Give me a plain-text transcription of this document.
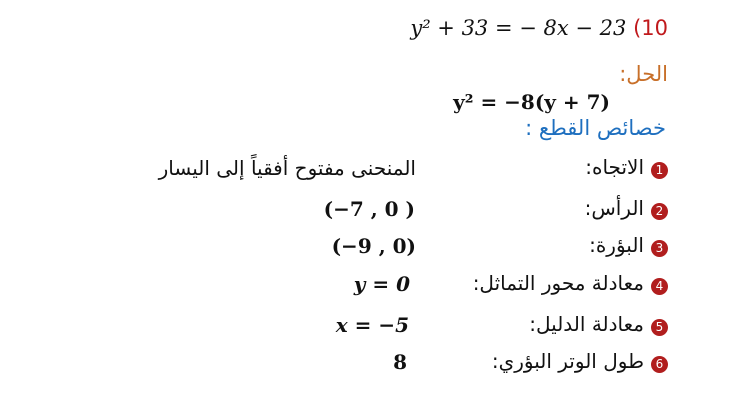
y² + 33 = − 8x − 23 (10
الحل:
y² = −8(y + 7)
خصائص القطع :
1
الاتجاه:
المنحنى مفتوح أفقياً إلى اليسار
2
الرأس:
(−7 , 0 )
3
البؤرة:
(−9 , 0)
4
معادلة محور التماثل:
y = 0
5
معادلة الدليل:
x = −5
6
طول الوتر البؤري:
8
